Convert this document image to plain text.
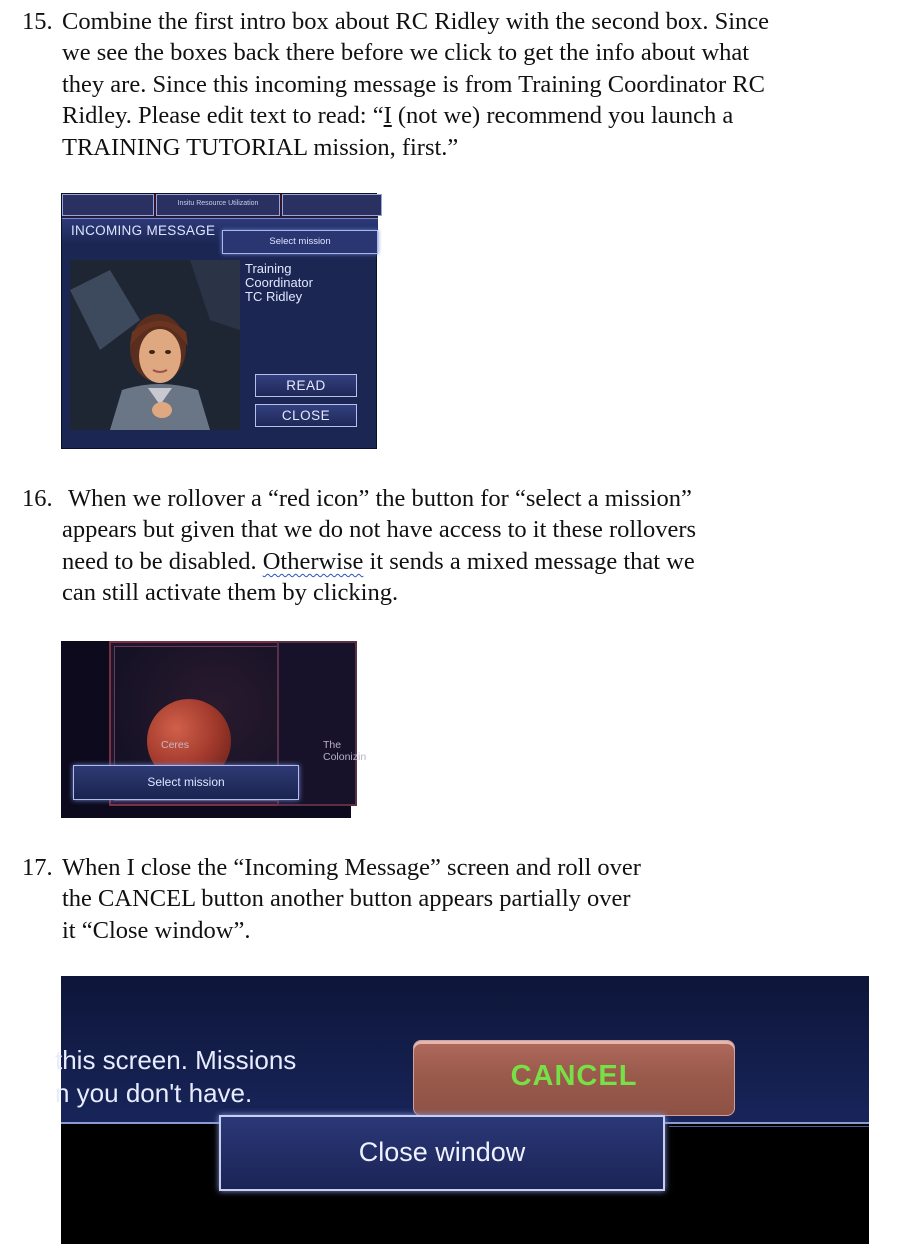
15. Combine the first intro box about RC Ridley with the second box. Since
we see the boxes back there before we click to get the info about what
they are. Since this incoming message is from Training Coordinator RC
Ridley. Please edit text to read: “I (not we) recommend you launch a
TRAINING TUTORIAL mission, first.”
Insitu Resource Utilization
INCOMING MESSAGE
Select mission
Training
Coordinator
TC Ridley
READ
CLOSE
16. When we rollover a “red icon” the button for “select a mission”
appears but given that we do not have access to it these rollovers
need to be disabled. Otherwise it sends a mixed message that we
can still activate them by clicking.
Ceres	The
Colonizin
Select mission
17. When I close the “Incoming Message” screen and roll over
the CANCEL button another button appears partially over
it “Close window”.
this screen. Missions
n you don't have.
CANCEL
Close window
